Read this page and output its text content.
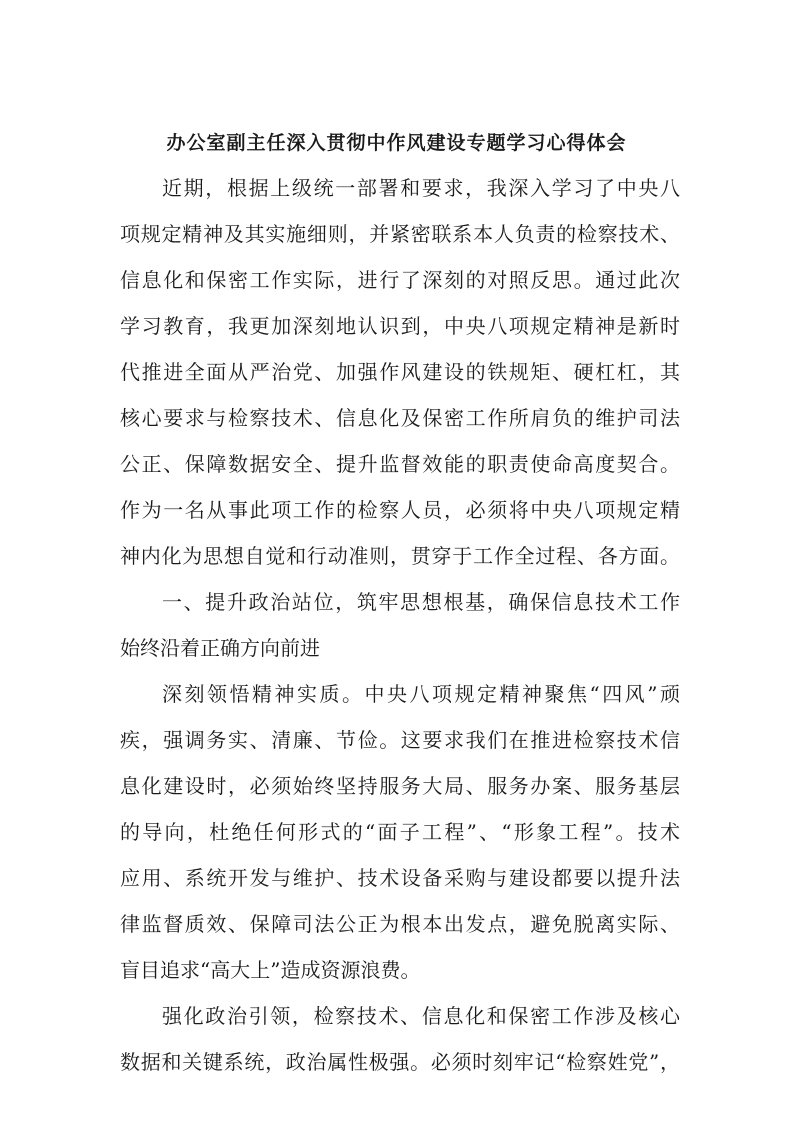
办公室副主任深入贯彻中作风建设专题学习心得体会

近期，根据上级统一部署和要求，我深入学习了中央八

项规定精神及其实施细则，并紧密联系本人负责的检察技术、

信息化和保密工作实际，进行了深刻的对照反思。通过此次

学习教育，我更加深刻地认识到，中央八项规定精神是新时

代推进全面从严治党、加强作风建设的铁规矩、硬杠杠，其

核心要求与检察技术、信息化及保密工作所肩负的维护司法

公正、保障数据安全、提升监督效能的职责使命高度契合。

作为一名从事此项工作的检察人员，必须将中央八项规定精

神内化为思想自觉和行动准则，贯穿于工作全过程、各方面。

一、提升政治站位，筑牢思想根基，确保信息技术工作

始终沿着正确方向前进

深刻领悟精神实质。中央八项规定精神聚焦“四风”顽

疾，强调务实、清廉、节俭。这要求我们在推进检察技术信

息化建设时，必须始终坚持服务大局、服务办案、服务基层

的导向，杜绝任何形式的“面子工程”、“形象工程”。技术

应用、系统开发与维护、技术设备采购与建设都要以提升法

律监督质效、保障司法公正为根本出发点，避免脱离实际、

盲目追求“高大上”造成资源浪费。

强化政治引领，检察技术、信息化和保密工作涉及核心

数据和关键系统，政治属性极强。必须时刻牢记“检察姓党”，
